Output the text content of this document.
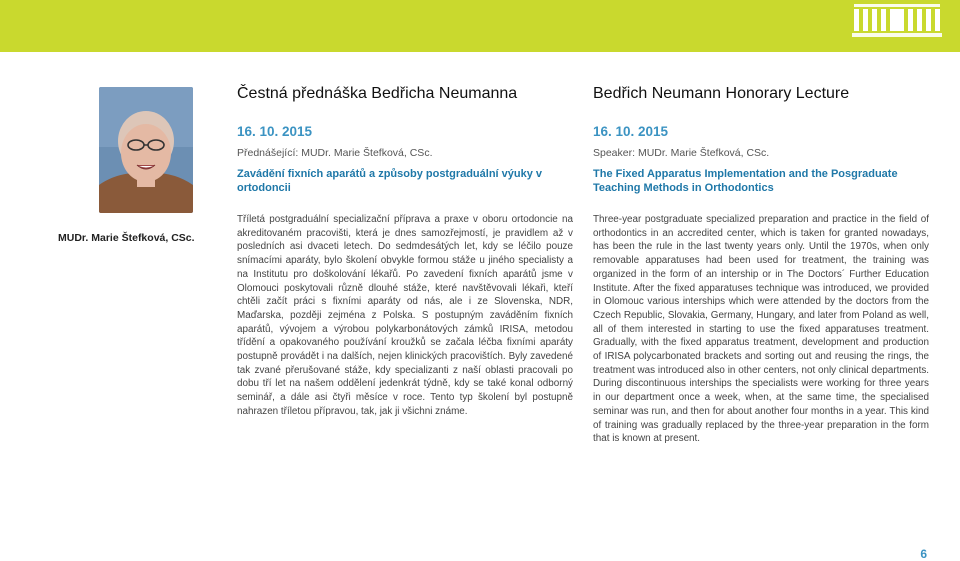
MUDr. Marie Štefková, CSc.
Čestná přednáška Bedřicha Neumanna

16. 10. 2015

Přednášející: MUDr. Marie Štefková, CSc.

Zavádění fixních aparátů a způsoby postgraduální výuky v ortodoncii

Tříletá postgraduální specializační příprava a praxe v oboru ortodoncie na akreditovaném pracovišti, která je dnes samozřejmostí, je pravidlem až v posledních asi dvaceti letech. Do sedmdesátých let, kdy se léčilo pouze snímacími aparáty, bylo školení obvykle formou stáže u jiného specialisty a na Institutu pro doškolování lékařů. Po zavedení fixních aparátů jsme v Olomouci poskytovali různě dlouhé stáže, které navštěvovali lékaři, kteří chtěli začít práci s fixními aparáty od nás, ale i ze Slovenska, NDR, Maďarska, později zejména z Polska. S postupným zaváděním fixních aparátů, vývojem a výrobou polykarbonátových zámků IRISA, metodou třídění a opakovaného používání kroužků se začala léčba fixními aparáty postupně provádět i na dalších, nejen klinických pracovištích. Byly zavedené tak zvané přerušované stáže, kdy specializanti z naší oblasti pracovali po dobu tří let na našem oddělení jedenkrát týdně, kdy se také konal odborný seminář, a dále asi čtyři měsíce v roce. Tento typ školení byl postupně nahrazen tříletou přípravou, tak, jak ji všichni známe.

Bedřich Neumann Honorary Lecture

16. 10. 2015

Speaker: MUDr. Marie Štefková, CSc.

The Fixed Apparatus Implementation and the Posgraduate Teaching Methods in Orthodontics

Three-year postgraduate specialized preparation and practice in the field of orthodontics in an accredited center, which is taken for granted nowadays, has been the rule in the last twenty years only. Until the 1970s, when only removable apparatuses had been used for treatment, the training was organized in the form of an intership or in The Doctors´ Further Education Institute. After the fixed apparatuses technique was introduced, we provided in Olomouc various interships which were attended by the doctors from the Czech Republic, Slovakia, Germany, Hungary, and later from Poland as well, all of them interested in starting to use the fixed apparatuses treatment. Gradually, with the fixed apparatus treatment, development and production of IRISA polycarbonated brackets and sorting out and reusing the rings, the treatment was introduced also in other centers, not only clinical departments. During discontinuous interships the specialists were working for three years in our department once a week, when, at the same time, the specialised seminar was run, and then for about another four months in a year. This kind of training was gradually replaced by the three-year preparation in the form that is known at present.

6
